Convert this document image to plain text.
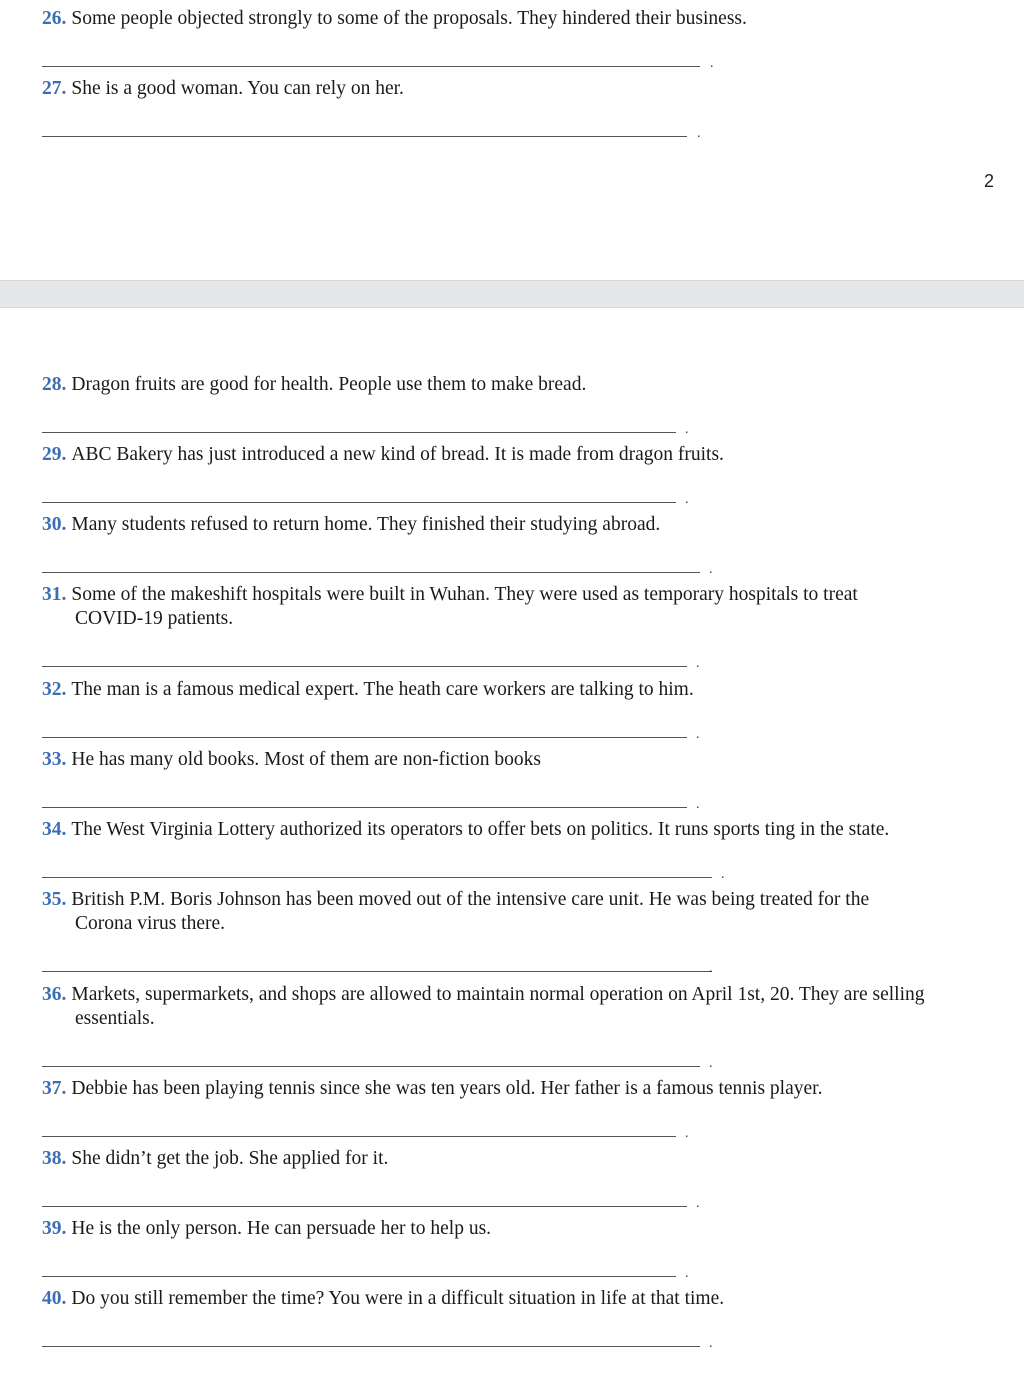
2
26. Some people objected strongly to some of the proposals. They hindered their business.
.
27. She is a good woman. You can rely on her.
.
28. Dragon fruits are good for health. People use them to make bread.
.
29. ABC Bakery has just introduced a new kind of bread. It is made from dragon fruits.
.
30. Many students refused to return home. They finished their studying abroad.
.
31. Some of the makeshift hospitals were built in Wuhan. They were used as temporary hospitals to treat
COVID-19 patients.
.
32. The man is a famous medical expert. The heath care workers are talking to him.
.
33. He has many old books. Most of them are non-fiction books
.
34. The West Virginia Lottery authorized its operators to offer bets on politics. It runs sports ting in the state.
.
35. British P.M. Boris Johnson has been moved out of the intensive care unit. He was being treated for the
Corona virus there.
.
36. Markets, supermarkets, and shops are allowed to maintain normal operation on April 1st, 20. They are selling
essentials.
.
37. Debbie has been playing tennis since she was ten years old. Her father is a famous tennis player.
.
38. She didn’t get the job. She applied for it.
.
39. He is the only person. He can persuade her to help us.
.
40. Do you still remember the time? You were in a difficult situation in life at that time.
.
